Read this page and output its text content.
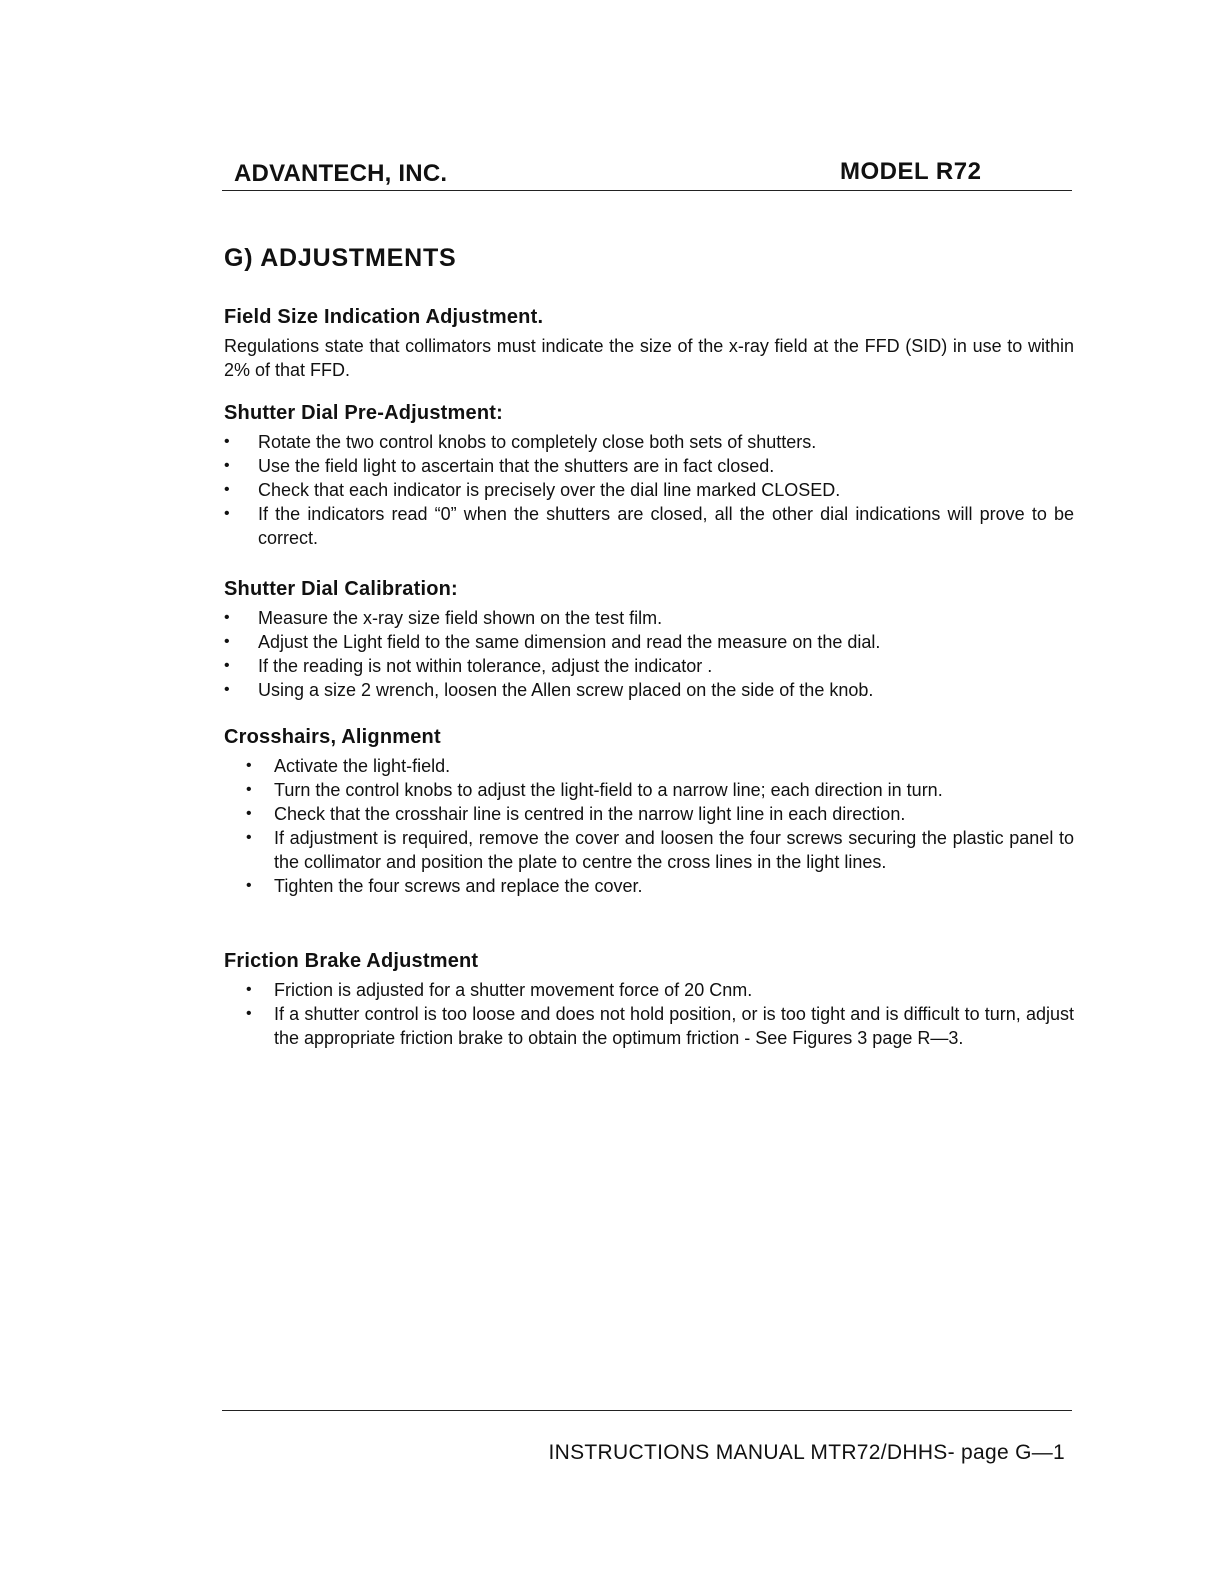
ADVANTECH, INC.	MODEL R72
G) ADJUSTMENTS
Field Size Indication Adjustment.

Regulations state that collimators must indicate the size of the x-ray field at the FFD (SID) in use to within 2% of that FFD.

Shutter Dial Pre-Adjustment:
• Rotate the two control knobs to completely close both sets of shutters.
• Use the field light to ascertain that the shutters are in fact closed.
• Check that each indicator is precisely over the dial line marked CLOSED.
• If the indicators read “0” when the shutters are closed, all the other dial indications will prove to be correct.
Shutter Dial Calibration:
• Measure the x-ray size field shown on the test film.
• Adjust the Light field to the same dimension and read the measure on the dial.
• If the reading is not within tolerance, adjust the indicator .
• Using a size 2 wrench, loosen the Allen screw placed on the side of the knob.
Crosshairs, Alignment
• Activate the light-field.
• Turn the control knobs to adjust the light-field to a narrow line; each direction in turn.
• Check that the crosshair line is centred in the narrow light line in each direction.
• If adjustment is required, remove the cover and loosen the four screws securing the plastic panel to the collimator and position the plate to centre the cross lines in the light lines.
• Tighten the four screws and replace the cover.
Friction Brake Adjustment
• Friction is adjusted for a shutter movement force of 20 Cnm.
• If a shutter control is too loose and does not hold position, or is too tight and is difficult to turn, adjust the appropriate friction brake to obtain the optimum friction - See Figures 3 page R—3.
INSTRUCTIONS MANUAL MTR72/DHHS- page G—1
